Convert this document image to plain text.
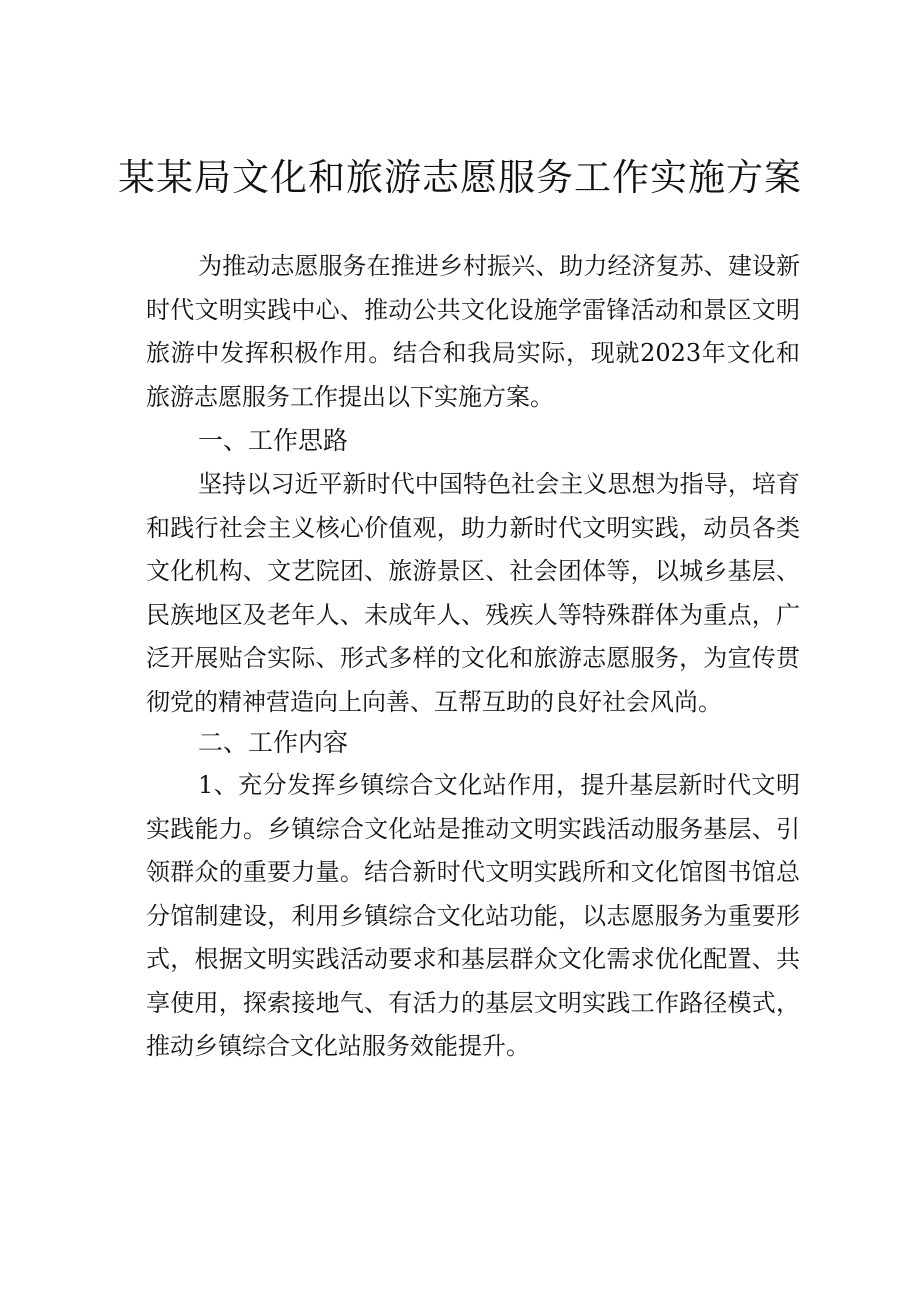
某某局文化和旅游志愿服务工作实施方案

为推动志愿服务在推进乡村振兴、助力经济复苏、建设新时代文明实践中心、推动公共文化设施学雷锋活动和景区文明旅游中发挥积极作用。结合和我局实际，现就2023年文化和旅游志愿服务工作提出以下实施方案。

一、工作思路

坚持以习近平新时代中国特色社会主义思想为指导，培育和践行社会主义核心价值观，助力新时代文明实践，动员各类文化机构、文艺院团、旅游景区、社会团体等，以城乡基层、民族地区及老年人、未成年人、残疾人等特殊群体为重点，广泛开展贴合实际、形式多样的文化和旅游志愿服务，为宣传贯彻党的精神营造向上向善、互帮互助的良好社会风尚。

二、工作内容

1、充分发挥乡镇综合文化站作用，提升基层新时代文明实践能力。乡镇综合文化站是推动文明实践活动服务基层、引领群众的重要力量。结合新时代文明实践所和文化馆图书馆总分馆制建设，利用乡镇综合文化站功能，以志愿服务为重要形式，根据文明实践活动要求和基层群众文化需求优化配置、共享使用，探索接地气、有活力的基层文明实践工作路径模式，推动乡镇综合文化站服务效能提升。
